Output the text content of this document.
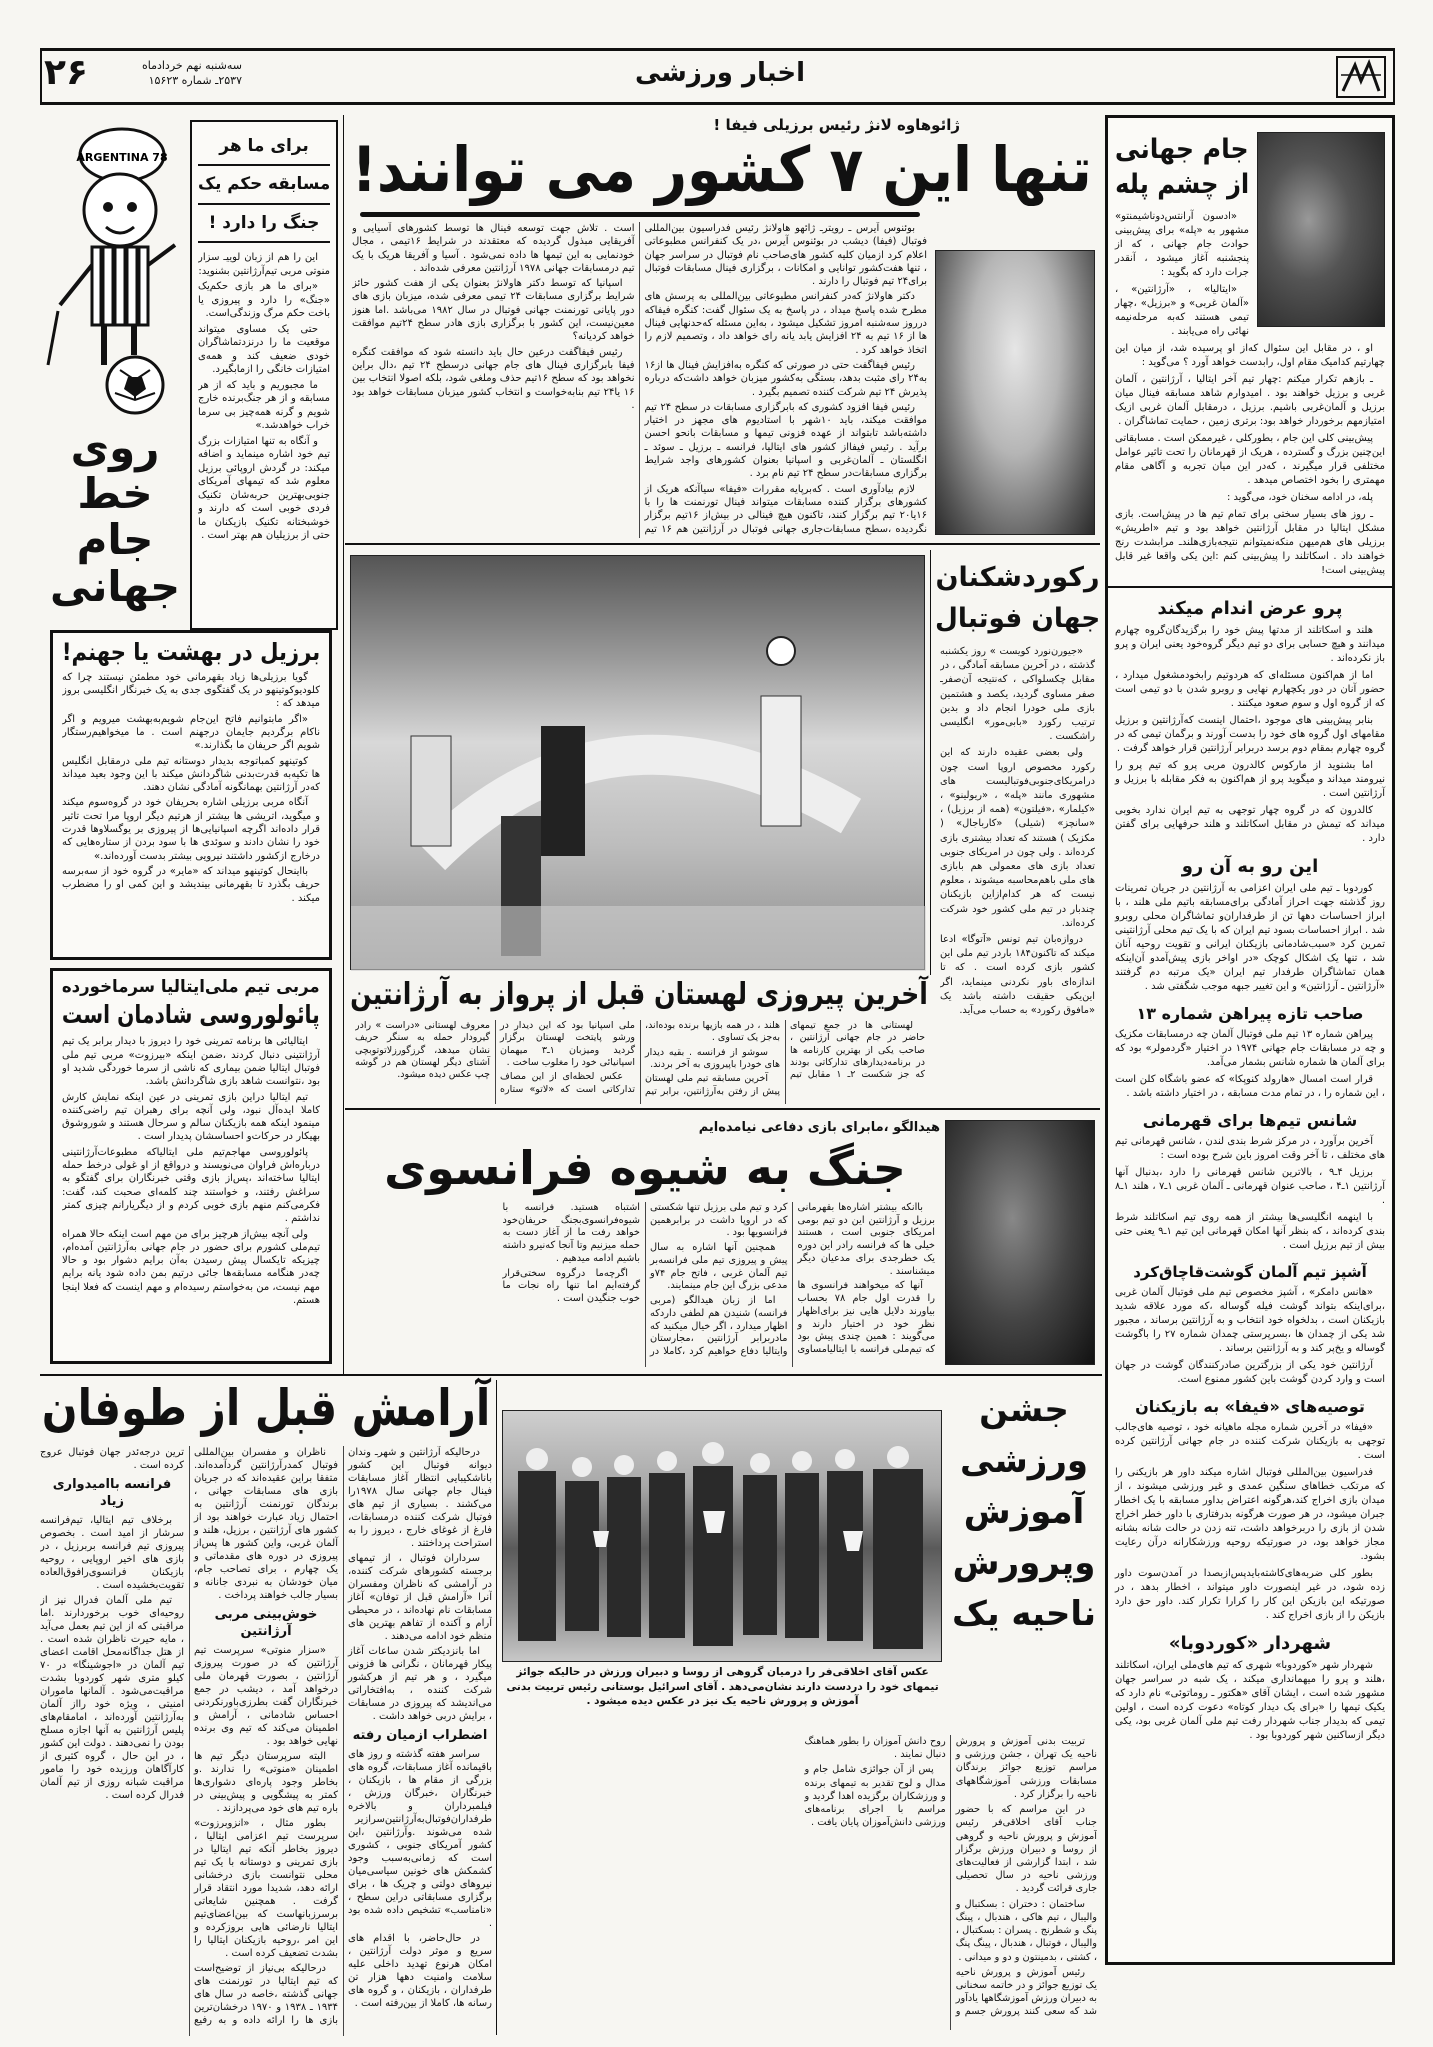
اخبار ورزشی
سه‌شنبه نهم خردادماه
۲۵۳۷ـ شماره ۱۵۶۲۳
۲۶
ARGENTINA 78
برای ما هر
مسابقه حکم یک
جنگ را دارد !

این را هم از زبان لوییـ سزار منوتی مربی تیم‌آرژانتین بشنوید:

«برای ما هر بازی حکم‌یک «جنگ» را دارد و پیروزی یا باخت حکم مرگ وزندگی‌است.

حتی یک مساوی میتواند موقعیت ما را درنزدتماشاگران خودی ضعیف کند و همه‌ی امتیازات خانگی را ازمابگیرد.

ما مجبوریم و باید که از هر مسابقه و از هر جنگ‌برنده خارج شویم و گرنه همه‌چیز بی سرما خراب خواهدشد.»

و آنگاه به تنها امتیازات بزرگ تیم خود اشاره مینماید و اضافه میکند: در گردش اروپائی برزیل معلوم شد که تیمهای آمریکای جنوبی‌بهترین حربه‌شان تکنیک فردی خوبی است که دارند و خوشبختانه تکنیک بازیکنان ما حتی از برزیلیان هم بهتر است .

روی
خط
جام
جهانی
برزیل در بهشت یا جهنم!

گویا برزیلی‌ها زیاد بقهرمانی خود مطمئن نیستند چرا که کلودیوکوتینهو در یک گفتگوی جدی به یک خبرنگار انگلیسی بروز میدهد که :

«اگر مابتوانیم فاتح این‌جام شویم‌به‌بهشت میرویم و اگر ناکام برگردیم جایمان درجهنم است . ما میخواهیم‌رستگار شویم اگر حریفان ما بگذارند.»

کوتینهو کمباتوجه بدیدار دوستانه تیم ملی درمقابل انگلیس ها تکیه‌به قدرت‌بدنی شاگردانش میکند با این وجود بعید میداند که‌در آرژانتین بهمانگونه آمادگی نشان دهند.

آنگاه مربی برزیلی اشاره بحریفان خود در گروه‌سوم میکند و میگوید، اتریشی ها بیشتر از هرتیم دیگر اروپا مرا تحت تاثیر قرار داده‌اند اگرچه اسپانیایی‌ها از پیروزی بر یوگسلاوها قدرت خود را نشان دادند و سوئدی ها با سود بردن از ستاره‌هایی که درخارج ازکشور داشتند نیرویی بیشتر بدست آورده‌اند.»

بااینحال کوتینهو میداند که «مایر» در گروه خود از سه‌برسه حریف بگذرد تا بقهرمانی بیندیشد و این کمی او را مضطرب میکند .

مربی تیم ملی‌ایتالیا سرماخورده
پائولوروسی شادمان است

ایتالیائی ها برنامه تمرینی خود را دیروز با دیدار برابر یک تیم آرژانتینی دنبال کردند ،ضمن اینکه «بیرزوت» مربی تیم ملی فوتبال ایتالیا ضمن بیماری که ناشی از سرما خوردگی شدید او بود ،نتوانست شاهد بازی شاگردانش باشد.

تیم ایتالیا دراین بازی تمرینی در عین اینکه نمایش کارش کاملا ایده‌آل نبود، ولی آنچه برای رهبران تیم راضی‌کننده مینمود اینکه همه بازیکنان سالم و سرحال هستند و شوروشوق بهیکار در حرکات‌و احساسشان پدیدار است .

پائولوروسی مهاجم‌تیم ملی ایتالیاکه مطبوعات‌آرژانتینی درباره‌اش فراوان می‌نویسند و درواقع از او غولی درخط حمله ایتالیا ساخته‌اند ،پس‌از بازی وقتی خبرنگاران برای گفتگو به سراغش رفتند، و خواستند چند کلمه‌ای صحبت کند، گفت: فکرمی‌کنم منهم بازی خوبی کردم و از دیگریارانم چیزی کمتر نداشتم .

ولی آنچه بیش‌از هرچیز برای من مهم است اینکه حالا همراه تیم‌ملی کشورم برای حضور در جام جهانی به‌آرژانتین آمده‌ام، چیزیکه تایکسال پیش رسیدن به‌آن برایم دشوار بود و حالا چه‌در هنگامه مسابقه‌ها جائی درتیم بمن داده شود یانه برایم مهم نیست، من به‌خواستم رسیده‌ام و مهم اینست که فعلا اینجا هستم.

ژائوهاوه لانژ رئیس برزیلی فیفا !
تنها این ۷ کشور می توانند!

بوئنوس آیرس ـ رویترـ ژائهو هاولانژ رئیس فدراسیون بین‌المللی فوتبال (فیفا) دیشب در بوئنوس آیرس ،در یک کنفرانس مطبوعاتی اعلام کرد ازمیان کلیه کشور های‌صاحب نام فوتبال در سراسر جهان ، تنها هفت‌کشور توانایی و امکانات ، برگزاری فینال مسابقات فوتبال برای۲۴ تیم فوتبال را دارند .

دکتر هاولانژ که‌در کنفرانس مطبوعاتی بین‌المللی به پرسش های مطرح شده پاسخ میداد ، در پاسخ به یک سئوال گفت: کنگره فیفاکه درروز سه‌شنبه امروز تشکیل میشود ، به‌این مسئله که‌حدنهایی فینال ها از ۱۶ تیم به ۲۴ افزایش یابد یانه رای خواهد داد ، وتصمیم لازم را اتخاذ خواهد کرد .

رئیس فیفاگفت حتی در صورتی که کنگره به‌افزایش فینال ها از۱۶ به‌۲۴ رای مثبت بدهد، بستگی به‌کشور میزبان خواهد داشت‌که درباره پذیرش ۲۴ تیم شرکت کننده تصمیم بگیرد .

رئیس فیفا افزود کشوری که بابرگزاری مسابقات در سطح ۲۴ تیم موافقت میکند، باید ۱۰شهر با استادیوم های مجهز در اختیار داشته‌باشد تابتواند از عهده فزونی تیمها و مسابقات بانحو احسن برآید . رئیس فیفااز کشور های ایتالیا، فرانسه ـ برزیل ـ سوئد ـ انگلستان ـ آلمان‌غربی و اسپانیا بعنوان کشورهای واجد شرایط برگزاری مسابقات‌در سطح ۲۴ تیم نام برد .

لازم بیادآوری است . که‌برپایه مقررات «فیفا» سیاآنکه هریک از کشورهای برگزار کننده مسابقات میتواند فینال تورنمنت ها را با ۱۶یا۲۰ تیم برگزار کنند، تاکنون هیچ فینالی در بیش‌از ۱۶تیم برگزار نگردیده ،سطح مسابقات‌جاری جهانی فوتبال در آرژانتین هم ۱۶ تیم است . تلاش جهت توسعه فینال ها توسط کشورهای آسیایی و آفریقایی مبذول گردیده که معتقدند در شرایط ۱۶تیمی ، مجال خودنمایی به این تیمها ها داده نمی‌شود . آسیا و آفریقا هریک با یک تیم درمسابقات جهانی ۱۹۷۸ آرژانتین معرفی شده‌اند .

اسپانیا که توسط دکتر هاولانژ بعنوان یکی از هفت کشور حائز شرایط برگزاری مسابقات ۲۴ تیمی معرفی شده، میزبان بازی های دور پایانی تورنمنت جهانی فوتبال در سال ۱۹۸۲ می‌باشد .اما هنوز معین‌نیست، این کشور با برگزاری بازی هادر سطح ۲۴تیم موافقت خواهد کردیانه؟

رئیس فیفاگفت درعین حال باید دانسته شود که موافقت کنگره فیفا بابرگزاری فینال های جام جهانی درسطح ۲۴ تیم ،دال براین نخواهد بود که سطح ۱۶تیم حذف وملغی شود، بلکه اصولا انتخاب بین ۱۶ یا۲۴ تیم بنابه‌خواست و انتخاب کشور میزبان مسابقات خواهد بود .

جام جهانی
از چشم پله

«ادسون آرانتس‌دوناشیمنتو» مشهور به «پله» برای پیش‌بینی حوادث جام جهانی ، که از پنجشنبه آغاز میشود ، آنقدر جرات دارد که بگوید :

«ایتالیا» ، «آرژانتین» ، «آلمان غربی» و «برزیل» ،چهار تیمی هستند که‌به مرحله‌نیمه نهائی راه می‌یابند .

او ، در مقابل این سئوال که‌از او پرسیده شد، از میان این چهارتیم کدامیک مقام اول، رابدست خواهد آورد ؟ می‌گوید :

ـ بازهم تکرار میکنم :چهار تیم آخر ایتالیا ، آرژانتین ، آلمان غربی و برزیل خواهند بود . امیدوارم شاهد مسابقه فینال میان برزیل و آلمان‌غربی باشیم. برزیل ، درمقابل آلمان غربی ازیک امتیازمهم برخوردار خواهد بود: برتری زمین ، حمایت تماشاگران .

پیش‌بینی کلی این جام ، بطورکلی ، غیرممکن است . مسابقاتی این‌چنین بزرگ و گسترده ، هریک از قهرمانان را تحت تاثیر عوامل مختلفی قرار میگیرند ، که‌در این میان تجربه و آگاهی مقام مهمتری را بخود اختصاص میدهد .

پله، در ادامه سخنان خود، می‌گوید :

ـ روز های بسیار سختی برای تمام تیم ها در پیش‌است. بازی مشکل ایتالیا در مقابل آرژانتین خواهد بود و تیم «اطریش» برزیلی های هم‌میهن منکه‌نمیتوانم نتیجه‌بازی‌هلند‌ـ مرابشدت رنج خواهند داد . اسکاتلند را پیش‌بینی کنم :این یکی واقعا غیر قابل پیش‌بینی است!

پرو عرض اندام میکند

هلند و اسکاتلند از مدتها پیش خود را برگزیدگان‌گروه چهارم میدانند و هیچ حسابی برای دو تیم دیگر گروه‌خود یعنی ایران و پرو باز نکرده‌اند .

اما از هم‌اکنون مسئله‌ای که هردوتیم رابخود‌مشغول میدارد ، حضور آنان در دور یکچهارم نهایی و روبرو شدن با دو تیمی است که از گروه اول و سوم صعود میکنند .

بنابر پیش‌بینی های موجود ،احتمال اینست که‌آرژانتین و برزیل مقامهای اول گروه های خود را بدست آورند و برگمان تیمی که در گروه چهارم بمقام دوم برسد دربرابر آرژانتین قرار خواهد گرفت .

اما بشنوید از مارکوس کالدرون مربی پرو که تیم پرو را نیرومند میداند و میگوید پرو از هم‌اکنون به فکر مقابله با برزیل و آرژانتین است .

کالدرون که در گروه چهار توجهی به تیم ایران ندارد بخوبی میداند که تیمش در مقابل اسکاتلند و هلند حرفهایی برای گفتن دارد .

این رو به آن رو

کوردوبا ـ تیم ملی ایران اعزامی به آرژانتین در جریان تمرینات روز گذشته جهت احراز آمادگی برای‌مسابقه باتیم ملی هلند ، با ابراز احساسات دهها تن از طرفداران‌و تماشاگران محلی روبرو شد . ابراز احساسات بسود تیم ایران که با یک تیم محلی آرژانتینی تمرین کرد «سبب‌شادمانی بازیکنان ایرانی و تقویت روحیه آنان شد ، تنها یک اشکال کوچک «در اواخر بازی پیش‌آمدو آن‌اینکه همان تماشاگران طرفدار تیم ایران «یک مرتبه دم گرفتند «آرژانتین ـ آرژانتین» و این تغییر جبهه موجب شگفتی شد .

صاحب تازه پیراهن شماره ۱۳

پیراهن شماره ۱۳ تیم ملی فوتبال آلمان چه درمسابقات مکزیک و چه در مسابقات جام جهانی ۱۹۷۴ در اختیار «گردمولر» بود که برای آلمان ها شماره شانس بشمار می‌آمد.

قرار است امسال «هارولد کنوپکا» که عضو باشگاه کلن است ، این شماره را ، در تمام مدت مسابقه ، در اختیار داشته باشد .

شانس تیم‌ها برای قهرمانی

آخرین برآورد ، در مرکز شرط بندی لندن ، شانس قهرمانی تیم های مختلف ، تا آخر وقت امروز باین شرح بوده است :

برزیل ۴ـ۹ ، بالاترین شانس قهرمانی را دارد ،بدنبال آنها آرژانتین ۱ـ۴ ، صاحب عنوان قهرمانی ـ آلمان غربی ۱ـ۷ ، هلند ۱ـ۸ .

با اینهمه انگلیسی‌ها بیشتر از همه روی تیم اسکاتلند شرط بندی کرده‌اند ، که بنظر آنها امکان قهرمانی این تیم ۱ـ۹ یعنی حتی بیش از تیم برزیل است .

آشپز تیم آلمان گوشت‌قاچاق‌کرد

«هانس دامکر» ، آشپز مخصوص تیم ملی فوتبال آلمان غربی ،برای‌اینکه بتواند گوشت فیله گوساله ،که مورد علاقه شدید بازیکنان است ، بدلخواه خود انتخاب و به آرژانتین برساند ، مجبور شد یکی از چمدان ها ،بسرپرستی چمدان شماره ۲۷ را باگوشت گوساله و یخ‌پر کند و به آرژانتین برساند .

آرژانتین خود یکی از بزرگترین صادرکنندگان گوشت در جهان است و وارد کردن گوشت باین کشور ممنوع است.

توصیه‌های «فیفا» به بازیکنان

«فیفا» در آخرین شماره مجله ماهیانه خود ، توصیه های‌جالب توجهی به بازیکنان شرکت کننده در جام جهانی آرژانتین کرده است .

فدراسیون بین‌المللی فوتبال اشاره میکند داور هر بازیکنی را که مرتکب خطاهای سنگین عمدی و غیر ورزشی میشوند ، از میدان بازی اخراج کند،هرگونه اعتراض بداور مسابقه با یک اخطار جبران میشود، در هر صورت هرگونه بدرفتاری با داور خطر اخراج شدن از بازی را دربرخواهد داشت، تنه زدن در حالت شانه بشانه مجاز خواهد بود، در صورتیکه روحیه ورزشکارانه درآن رعایت بشود.

بطور کلی ضربه‌های‌کاشته‌بایدپس‌ازبصدا در آمدن‌سوت داور زده شود، در غیر اینصورت داور میتواند ، اخطار بدهد ، در صورتیکه این بازیکن این کار را کرارا تکرار کند. داور حق دارد بازیکن را از بازی اخراج کند .

شهردار «کوردوبا»

شهردار شهر «کوردوبا» شهری که تیم های‌ملی ایران، اسکاتلند ،هلند و پرو را میهمانداری میکند ، یک شبه در سراسر جهان مشهور شده است ، ایشان آقای «هکتور ـ روماتوئی» نام دارد که یکیک تیمها را «برای یک دیدار کوتاه» دعوت کرده است ، اولین تیمی که بدیدار جناب شهردار رفت تیم ملی آلمان غربی بود، یکی دیگر ازساکنین شهر کوردوبا بود .

رکوردشکنان
جهان فوتبال

«جیورن‌نورد کویست » روز یکشنبه گذشته ، در آخرین مسابقه آمادگی ، در مقابل چکسلواکی ، که‌نتیجه آن‌صفرـ صفر مساوی گردید، یکصد و هشتمین بازی ملی خودرا انجام داد و بدین ترتیب رکورد «بابی‌مور» انگلیسی راشکست .

ولی بعضی عقیده دارند که این رکورد مخصوص اروپا است چون درامریکای‌جنوبی‌فوتبالیست های مشهوری مانند «پله» ، «ریولینو» ، «کیلمار» ،«فیلتون» (همه از برزیل) ، «سانچز» (شیلی) «کارباجال» ( مکزیک ) هستند که تعداد بیشتری بازی کرده‌اند . ولی چون در امریکای جنوبی تعداد بازی های معمولی هم بابازی های ملی باهم‌محاسبه میشوند ، معلوم نیست که هر کدام‌ازاین بازیکنان چندبار در تیم ملی کشور خود شرکت کرده‌اند.

دروازه‌بان تیم تونس «آتوگا» ادعا میکند که تاکنون۱۸۴ باردر تیم ملی این کشور بازی کرده است . که تا اندازه‌ای باور نکردنی مینماید، اگر این‌یکی حقیقت داشته باشد یک «مافوق رکورد» به حساب می‌آید.

آخرین پیروزی لهستان قبل از پرواز به آرژانتین

لهستانی ها در جمع تیمهای حاضر در جام جهانی آرژانتین ، صاحب یکی از بهترین کارنامه ها در برنامه‌دیدارهای تدارکاتی بودند که جز شکست ۲ـ ۱ مقابل تیم هلند ، در همه بازیها برنده بوده‌اند، به‌جز یک تساوی .

سوشو از فرانسه . بقیه دیدار های خودرا باپیروزی به آخر بردند.

آخرین مسابقه تیم ملی لهستان پیش از رفتن به‌آرژانتین، برابر تیم ملی اسپانیا بود که این دیدار در ورشو پایتخت لهستان برگزار گردید ومیزبان ۱ـ۳ میهمان اسپانیائی خود را مغلوب ساخت .

عکس لحظه‌ای از این مصاف تدارکاتی است که «لاتو» ستاره معروف لهستانی «دراست » رادر گیرودار حمله به سنگر حریف نشان میدهد، گرزگورزلاتوتوبچی آشنای دیگر لهستان هم در گوشه چپ عکس دیده میشود.

هیدالگو ،مابرای بازی دفاعی نیامده‌ایم
جنگ به شیوه فرانسوی

باآنکه بیشتر اشاره‌ها بقهرمانی برزیل و آرژانتین این دو تیم بومی امریکای جنوبی است ، هستند خیلی ها که فرانسه رادر این دوره یک خطرجدی برای مدعیان دیگر میشناسند .

آنها که میخواهند فرانسوی ها را قدرت اول جام ۷۸ بحساب بیاورند دلایل هایی نیز برای‌اظهار نظر خود در اختیار دارند و می‌گویند : همین چندی پیش بود که تیم‌ملی فرانسه با ایتالیامساوی کرد و تیم ملی برزیل تنها شکستی که در اروپا داشت در برابرهمین فرانسویها بود .

همچنین آنها اشاره به سال پیش و پیروزی تیم ملی فرانسه‌بر تیم آلمان غربی ، فاتح جام ۷۴و مدعی بزرگ این جام مینمایند.

اما از زبان هیدالگو (مربی فرانسه) شنیدن هم لطفی داردکه اظهار میدارد ، اگر خیال میکنید که مادربرابر آرژانتین ،مجارستان وایتالیا دفاع خواهیم کرد ،کاملا در اشتباه هستید. فرانسه با شیوه‌فرانسوی‌بجنگ حریفان‌خود خواهد رفت ما از آغاز دست به حمله میزنیم وتا آنجا که‌نیرو داشته باشیم ادامه میدهیم .

اگرچه‌ما درگروه سختی‌قرار گرفته‌ایم اما تنها راه نجات ما خوب جنگیدن است .

آرامش قبل از طوفان

درحالیکه آرژانتین و شهرـ وندان دیوانه فوتبال این کشور باناشکیبایی انتظار آغاز مسابقات فینال جام جهانی سال ۱۹۷۸را می‌کشند . بسیاری از تیم های فوتبال شرکت کننده درمسابقات، فارغ از غوغای خارج ، دیروز را به استراحت پرداختند .

سرداران فوتبال ، از تیمهای برجسته کشورهای شرکت کننده، در آرامشی که ناظران ومفسران آنرا «آرامش قبل از توفان» آغاز مسابقات نام نهاده‌اند ، در محیطی آرام و آکنده از تفاهم بهترین های منظم خود ادامه می‌دهند .

اما بانزدیکتر شدن ساعات آغاز پیکار قهرمانان ، نگرانی ها فزونی میگیرد ، و هر تیم از هرکشور شرکت کننده ، به‌افتخاراتی می‌اندیشد که پیروزی در مسابقات ، برایش دربی خواهد داشت .

اضطراب ازمیان رفته

سراسر هفته گذشته و روز های باقیمانده آغاز مسابقات، گروه های بزرگی از مقام ها ، بازیکنان ، خبرنگاران ،خبرگان ورزش ، فیلمبرداران و بالاخره طرفداران‌فوتبال‌به‌آرژانتین‌سرازیر شده می‌شوند .وآرژانتین ،این کشور آمریکای جنوبی ، کشوری است که زمانی‌به‌سبب وجود کشمکش های خونین سیاسی‌میان نیروهای دولتی و چریک ها ، برای برگزاری مسابقاتی دراین سطح ، «نامناسب» تشخیص داده شده بود .

در حال‌حاضر، با اقدام های سریع و موثر دولت آرژانتین ، امکان هرنوع تهدید داخلی علیه سلامت وامنیت دهها هزار تن طرفداران ، بازیکنان ، و گروه های رسانه ها، کاملا از بین‌رفته است .

ناظران و مفسران بین‌المللی فوتبال کمدرآرژانتین گردآمده‌اند. متفقا براین عقیده‌اند که در جریان بازی های مسابقات جهانی ، برندگان تورنمنت آرژانتین به احتمال زیاد عبارت خواهند بود از کشور های آرژانتین ، برزیل، هلند و آلمان غربی، واین کشور ها پس‌از پیروزی در دوره های مقدماتی و یک چهارم ، برای تصاحب جام، میان خودشان به نبردی جانانه و بسیار جالب خواهند پرداخت .

خوش‌بینی مربی آرژانتین

«سزار منوتی» سرپرست تیم آرژانتین که در صورت پیروزی آرژانتین ، بصورت قهرمان ملی درخواهد آمد ، دیشب در جمع خبرنگاران گفت بطرزی‌باورنکردنی احساس شادمانی ، آرامش و اطمینان می‌کند که تیم وی برنده نهایی خواهد بود .

البته سرپرستان دیگر تیم ها اطمینان «منوتی» را ندارند .و بخاطر وجود پاره‌ای دشواری‌ها کمتر به پیشگویی و پیش‌بینی در باره تیم های خود می‌پردازند .

بطور مثال ، «انزوبرزوت» سرپرست تیم اعزامی ایتالیا ، دیروز بخاطر آنکه تیم ایتالیا در بازی تمرینی و دوستانه با یک تیم محلی نتوانست بازی درخشانی ارائه دهد، شدیدا مورد انتقاد قرار گرفت . همچنین شایعاتی برسرزبانهاست که بین‌اعضای‌تیم ایتالیا نارضائی هایی بروزکرده و این امر ،روحیه بازیکنان ایتالیا را بشدت تضعیف کرده است .

درحالیکه بی‌نیاز از توضیح‌است که تیم ایتالیا در تورنمنت های جهانی گذشته ،خاصه در سال های ۱۹۳۴ ـ ۱۹۳۸ و ۱۹۷۰ درخشان‌ترین بازی ها را ارائه داده و به رفیع ترین درجه‌ئدر جهان فوتبال عروج کرده است .

فرانسه باامیدواری زیاد

برخلاف تیم ایتالیا، تیم‌فرانسه سرشار از امید است . بخصوص پیروزی تیم فرانسه بربرزیل ، در بازی های اخیر اروپایی ، روحیه بازیکنان فرانسوی‌رافوق‌العاده تقویت‌بخشیده است .

تیم ملی آلمان فدرال نیز از روحیه‌ای خوب برخوردارند .اما مراقبتی که از این تیم بعمل می‌آید ، مایه حیرت ناظران شده است . از هتل جداگانه‌محل اقامت اعضای تیم آلمان در «اجوشینگا» در ۷۰ کیلو متری شهر کوردوبا بشدت مراقبت‌می‌شود . آلمانها ماموران امنیتی ، ویژه خود رااز آلمان به‌آرژانتین آورده‌اند ، امامقام‌های پلیس آرژانتین به آنها اجازه مسلح بودن را نمی‌دهند . دولت این کشور ، در این حال ، گروه کثیری از کارآگاهان ورزیده خود را مامور مراقبت شبانه روزی از تیم آلمان فدرال کرده است .

عکس آقای اخلاقی‌فر را درمیان گروهی از روسا و دبیران ورزش در حالیکه جوائز تیمهای خود را دردست دارند نشان‌می‌دهد . آقای اسرائیل بوستانی رئیس تربیت بدنی آموزش و پرورش ناحیه یک نیز در عکس دیده میشود .
جشن
ورزشی
آموزش
وپرورش
ناحیه یک

تربیت بدنی آموزش و پرورش ناحیه یک تهران ، جشن ورزشی و مراسم توزیع جوائز برندگان مسابقات ورزشی آموزشگاههای ناحیه را برگزار کرد .

در این مراسم که با حضور جناب آقای اخلاقی‌فر رئیس آموزش و پرورش ناحیه و گروهی از روسا و دبیران ورزش برگزار شد ، ابتدا گزارشی از فعالیت‌های ورزشی ناحیه در سال تحصیلی جاری قرائت گردید .

ساختمان : دختران : بسکتبال و والیبال ، تیم هاکی ، هندبال ، پینگ پنگ و شطرنج . پسران : بسکتبال ، والیبال ، فوتبال ، هندبال ، پینگ پنگ ، کشتی ، بدمینتون و دو و میدانی .

رئیس آموزش و پرورش ناحیه یک توزیع جوائز و در خاتمه سخنانی به دبیران ورزش آموزشگاهها یادآور شد که سعی کنند پرورش جسم و روح دانش آموزان را بطور هماهنگ دنبال نمایند .

پس از آن جوائزی شامل جام و مدال و لوح تقدیر به تیمهای برنده و ورزشکاران برگزیده اهدا گردید و مراسم با اجرای برنامه‌های ورزشی دانش‌آموزان پایان یافت .
